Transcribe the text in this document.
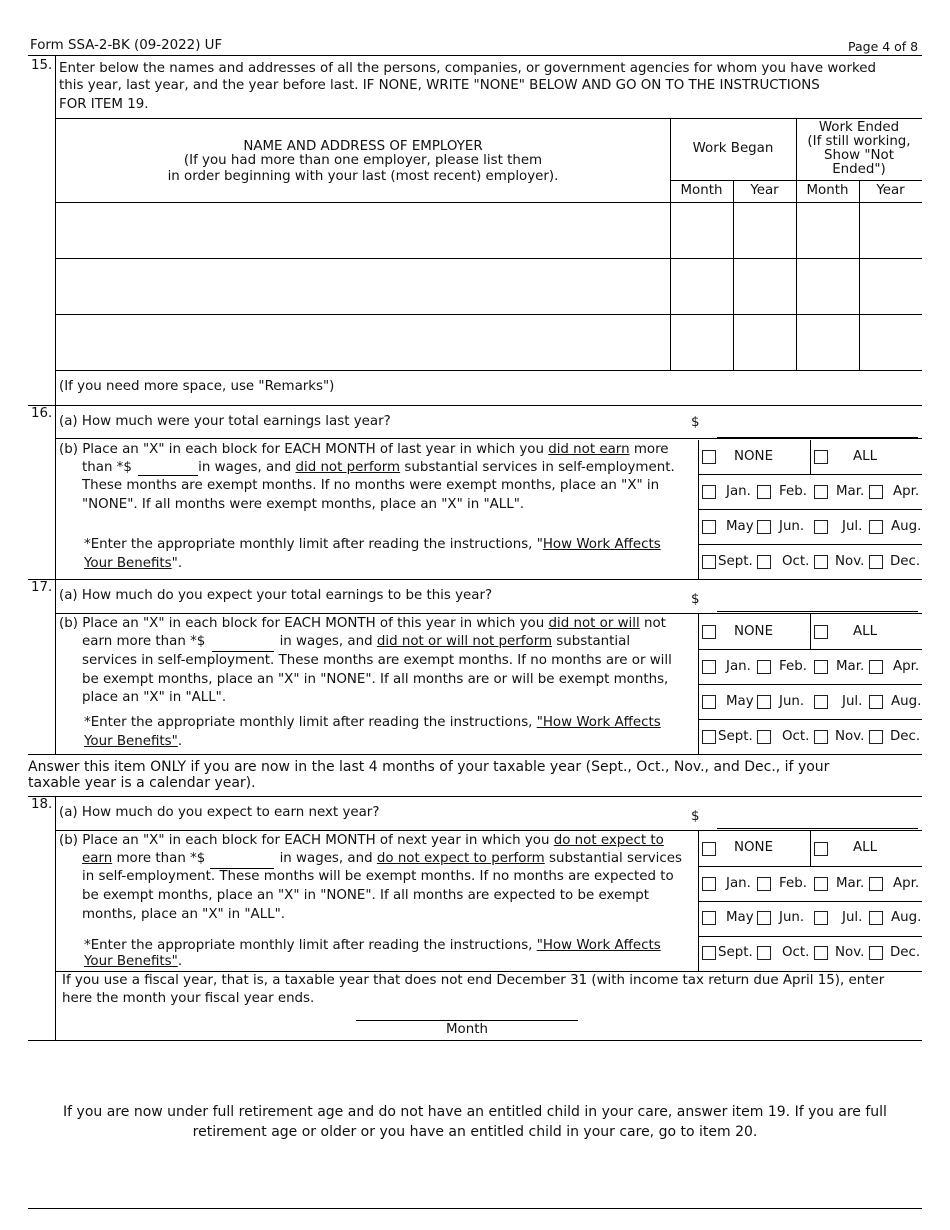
Form SSA-2-BK (09-2022) UF	Page 4 of 8
15. Enter below the names and addresses of all the persons, companies, or government agencies for whom you have worked
this year, last year, and the year before last. IF NONE, WRITE "NONE" BELOW AND GO ON TO THE INSTRUCTIONS
FOR ITEM 19.
NAME AND ADDRESS OF EMPLOYER
(If you had more than one employer, please list them
in order beginning with your last (most recent) employer).
Work Began
Work Ended
(If still working,
Show "Not
Ended")
Month	Year	Month	Year
(If you need more space, use "Remarks")
16.
(a) How much were your total earnings last year?	$
(b) Place an "X" in each block for EACH MONTH of last year in which you did not earn more
than *$	in wages, and did not perform substantial services in self-employment.
These months are exempt months. If no months were exempt months, place an "X" in
"NONE". If all months were exempt months, place an "X" in "ALL".
*Enter the appropriate monthly limit after reading the instructions, "How Work Affects
Your Benefits".
NONE	ALL
Jan. Feb. Mar. Apr.
May Jun.	Jul. Aug.
Sept. Oct. Nov. Dec.
17.
(a) How much do you expect your total earnings to be this year?	$
(b) Place an "X" in each block for EACH MONTH of this year in which you did not or will not
earn more than *$	in wages, and did not or will not perform substantial
services in self-employment. These months are exempt months. If no months are or will
be exempt months, place an "X" in "NONE". If all months are or will be exempt months,
place an "X" in "ALL".
*Enter the appropriate monthly limit after reading the instructions, "How Work Affects
Your Benefits".
NONE	ALL
Jan. Feb. Mar. Apr.
May Jun.	Jul. Aug.
Sept. Oct. Nov. Dec.
Answer this item ONLY if you are now in the last 4 months of your taxable year (Sept., Oct., Nov., and Dec., if your
taxable year is a calendar year).
18.
(a) How much do you expect to earn next year?	$
(b) Place an "X" in each block for EACH MONTH of next year in which you do not expect to
earn more than *$	in wages, and do not expect to perform substantial services
in self-employment. These months will be exempt months. If no months are expected to
be exempt months, place an "X" in "NONE". If all months are expected to be exempt
months, place an "X" in "ALL".
*Enter the appropriate monthly limit after reading the instructions, "How Work Affects
Your Benefits".
If you use a fiscal year, that is, a taxable year that does not end December 31 (with income tax return due April 15), enter
here the month your fiscal year ends.
Month
NONE	ALL
Jan. Feb. Mar. Apr.
May Jun.	Jul. Aug.
Sept. Oct. Nov. Dec.
If you are now under full retirement age and do not have an entitled child in your care, answer item 19. If you are full
retirement age or older or you have an entitled child in your care, go to item 20.
